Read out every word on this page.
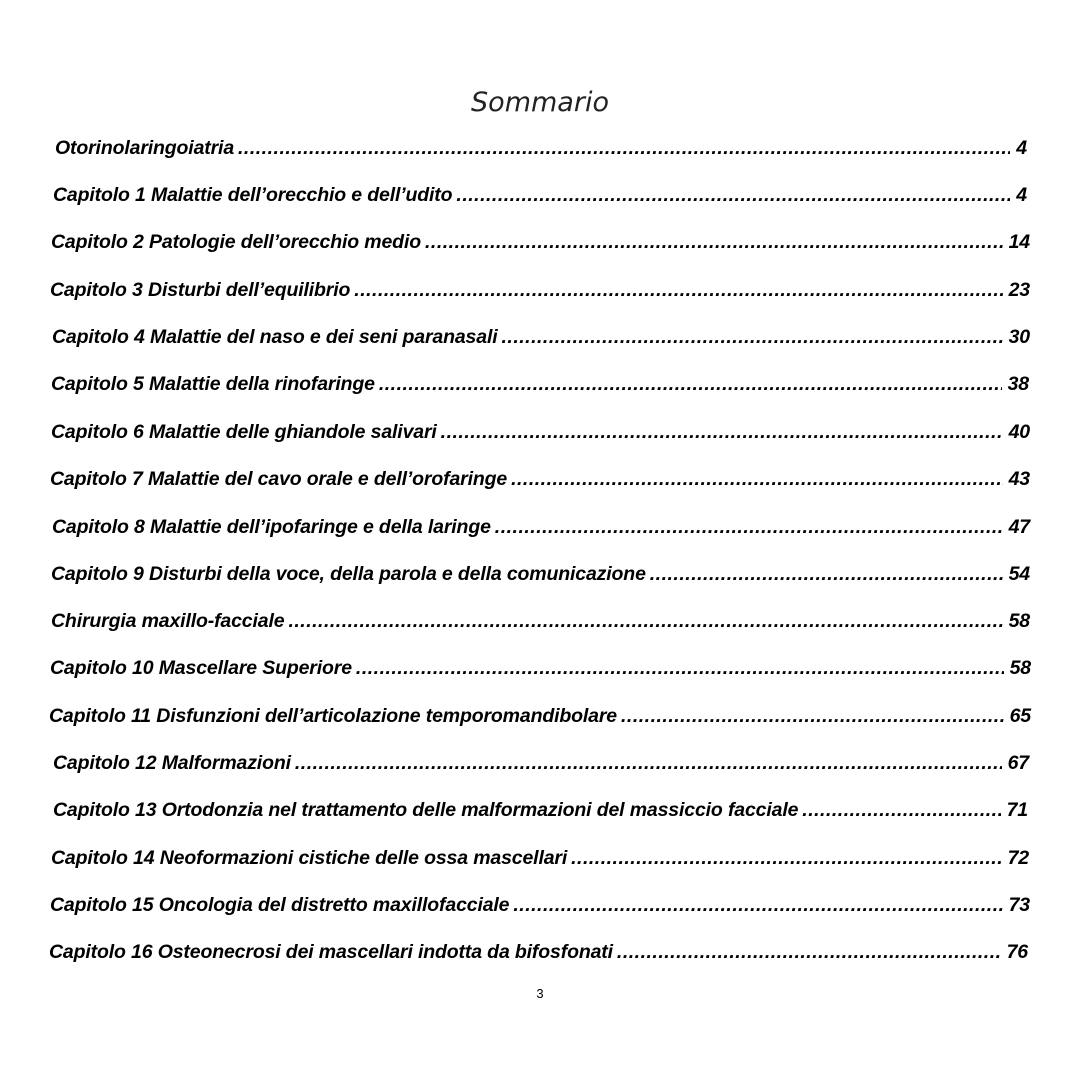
Sommario
Otorinolaringoiatria .....	4
Capitolo 1 Malattie dell’orecchio e dell’udito .....	4
Capitolo 2 Patologie dell’orecchio medio .....	14
Capitolo 3 Disturbi dell’equilibrio .....	23
Capitolo 4 Malattie del naso e dei seni paranasali .....	30
Capitolo 5 Malattie della rinofaringe .....	38
Capitolo 6 Malattie delle ghiandole salivari .....	40
Capitolo 7 Malattie del cavo orale e dell’orofaringe .....	43
Capitolo 8 Malattie dell’ipofaringe e della laringe .....	47
Capitolo 9 Disturbi della voce, della parola e della comunicazione .....	54
Chirurgia maxillo-facciale .....	58
Capitolo 10 Mascellare Superiore .....	58
Capitolo 11 Disfunzioni dell’articolazione temporomandibolare .....	65
Capitolo 12 Malformazioni .....	67
Capitolo 13 Ortodonzia nel trattamento delle malformazioni del massiccio facciale .....	71
Capitolo 14 Neoformazioni cistiche delle ossa mascellari .....	72
Capitolo 15 Oncologia del distretto maxillofacciale .....	73
Capitolo 16 Osteonecrosi dei mascellari indotta da bifosfonati .....	76
3
